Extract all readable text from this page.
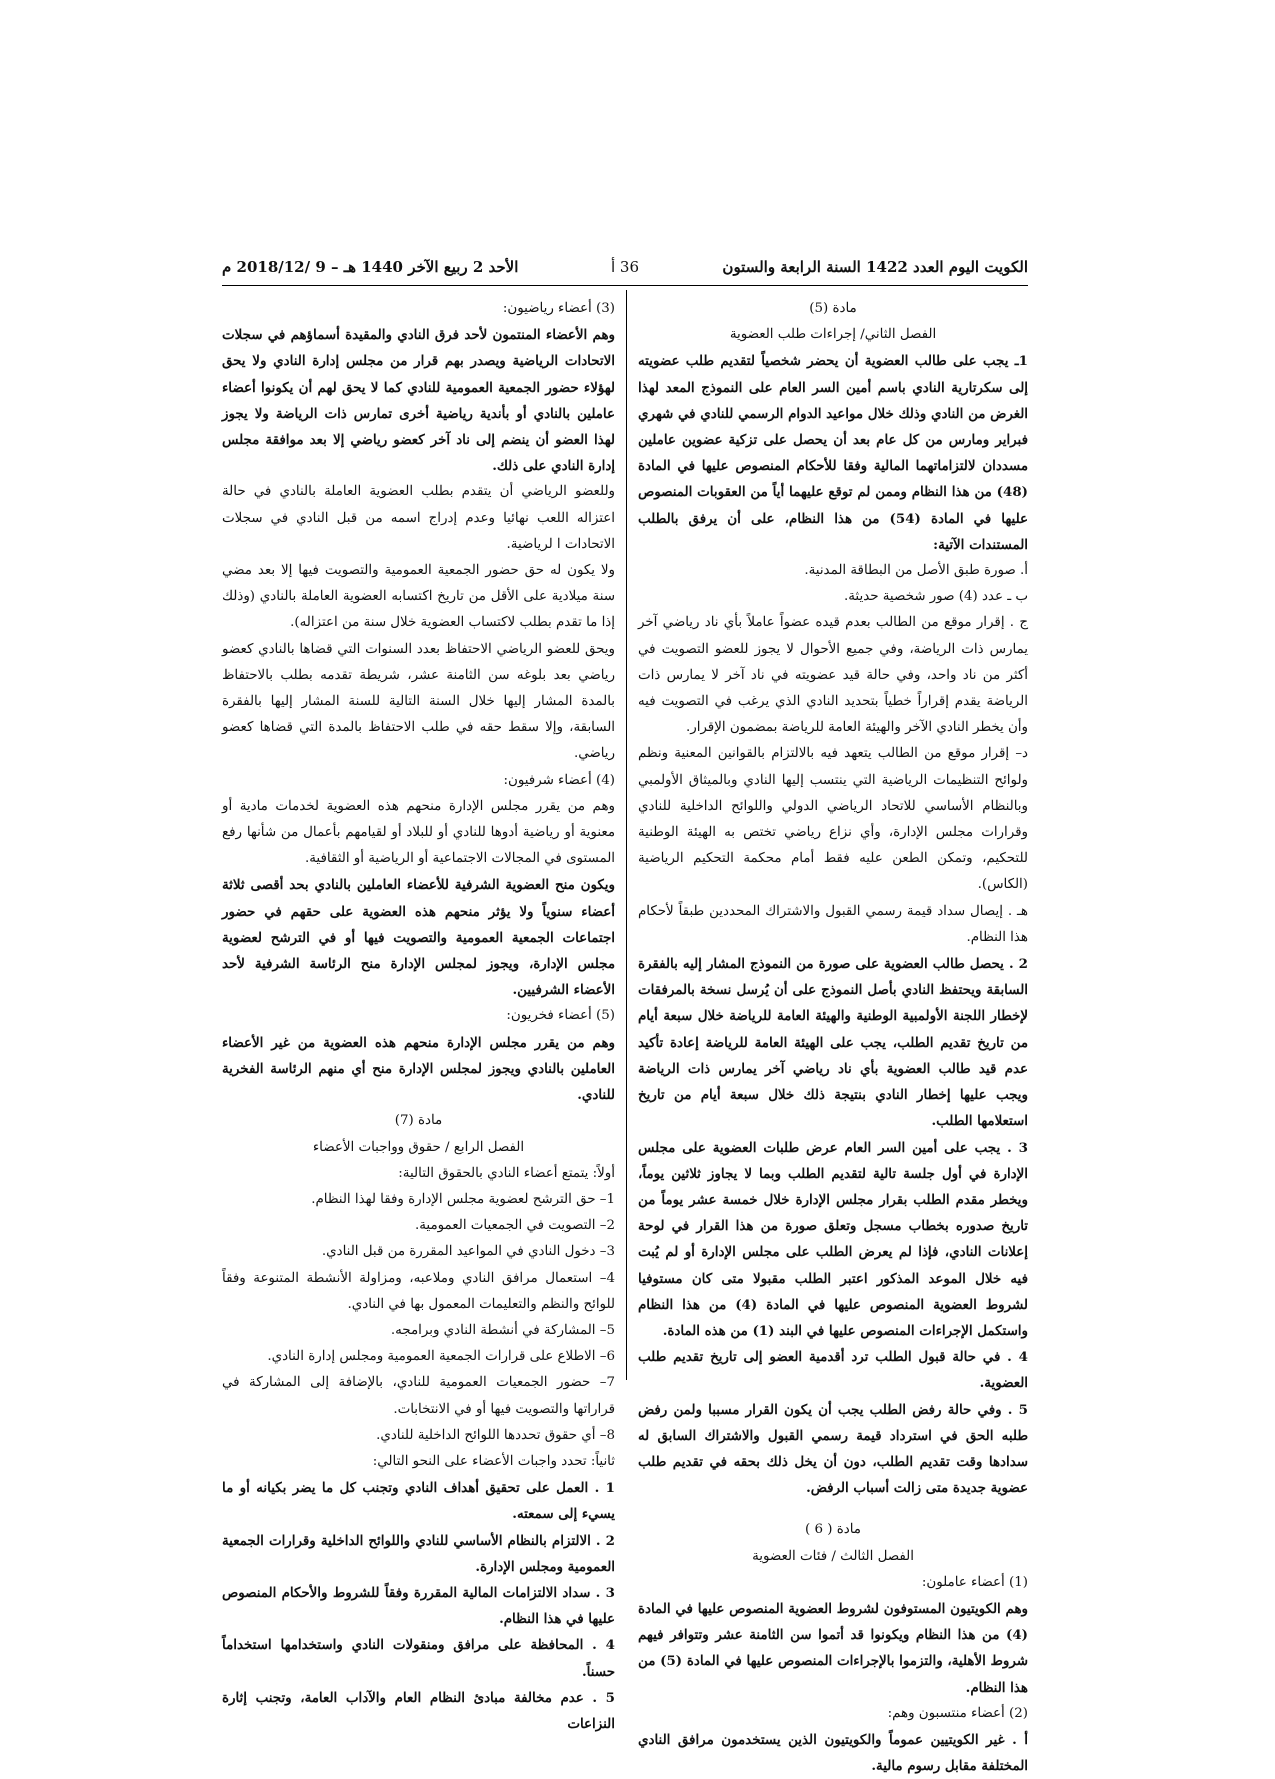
الكويت اليوم العدد 1422 السنة الرابعة والستون
36 أ
الأحد 2 ربيع الآخر 1440 هـ – 9 /2018/12 م

مادة (5)

الفصل الثاني/ إجراءات طلب العضوية

1ـ يجب على طالب العضوية أن يحضر شخصياً لتقديم طلب عضويته إلى سكرتارية النادي باسم أمين السر العام على النموذج المعد لهذا الغرض من النادي وذلك خلال مواعيد الدوام الرسمي للنادي في شهري فبراير ومارس من كل عام بعد أن يحصل على تزكية عضوين عاملين مسددان لالتزاماتهما المالية وفقا للأحكام المنصوص عليها في المادة (48) من هذا النظام وممن لم توقع عليهما أياً من العقوبات المنصوص عليها في المادة (54) من هذا النظام، على أن يرفق بالطلب المستندات الآتية:

أ. صورة طبق الأصل من البطاقة المدنية.

ب ـ عدد (4) صور شخصية حديثة.

ج . إقرار موقع من الطالب بعدم قيده عضواً عاملاً بأي ناد رياضي آخر يمارس ذات الرياضة، وفي جميع الأحوال لا يجوز للعضو التصويت في أكثر من ناد واحد، وفي حالة قيد عضويته في ناد آخر لا يمارس ذات الرياضة يقدم إقراراً خطياً بتحديد النادي الذي يرغب في التصويت فيه وأن يخطر النادي الآخر والهيئة العامة للرياضة بمضمون الإقرار.

د– إقرار موقع من الطالب يتعهد فيه بالالتزام بالقوانين المعنية ونظم ولوائح التنظيمات الرياضية التي ينتسب إليها النادي وبالميثاق الأولمبي وبالنظام الأساسي للاتحاد الرياضي الدولي واللوائح الداخلية للنادي وقرارات مجلس الإدارة، وأي نزاع رياضي تختص به الهيئة الوطنية للتحكيم، وتمكن الطعن عليه فقط أمام محكمة التحكيم الرياضية (الكاس).

هـ . إيصال سداد قيمة رسمي القبول والاشتراك المحددين طبقاً لأحكام هذا النظام.

2 . يحصل طالب العضوية على صورة من النموذج المشار إليه بالفقرة السابقة ويحتفظ النادي بأصل النموذج على أن يُرسل نسخة بالمرفقات لإخطار اللجنة الأولمبية الوطنية والهيئة العامة للرياضة خلال سبعة أيام من تاريخ تقديم الطلب، يجب على الهيئة العامة للرياضة إعادة تأكيد عدم قيد طالب العضوية بأي ناد رياضي آخر يمارس ذات الرياضة ويجب عليها إخطار النادي بنتيجة ذلك خلال سبعة أيام من تاريخ استعلامها الطلب.

3 . يجب على أمين السر العام عرض طلبات العضوية على مجلس الإدارة في أول جلسة تالية لتقديم الطلب وبما لا يجاوز ثلاثين يوماً، ويخطر مقدم الطلب بقرار مجلس الإدارة خلال خمسة عشر يوماً من تاريخ صدوره بخطاب مسجل وتعلق صورة من هذا القرار في لوحة إعلانات النادي، فإذا لم يعرض الطلب على مجلس الإدارة أو لم يُبت فيه خلال الموعد المذكور اعتبر الطلب مقبولا متى كان مستوفيا لشروط العضوية المنصوص عليها في المادة (4) من هذا النظام واستكمل الإجراءات المنصوص عليها في البند (1) من هذه المادة.

4 . في حالة قبول الطلب ترد أقدمية العضو إلى تاريخ تقديم طلب العضوية.

5 . وفي حالة رفض الطلب يجب أن يكون القرار مسببا ولمن رفض طلبه الحق في استرداد قيمة رسمي القبول والاشتراك السابق له سدادها وقت تقديم الطلب، دون أن يخل ذلك بحقه في تقديم طلب عضوية جديدة متى زالت أسباب الرفض.

مادة ( 6 )

الفصل الثالث / فئات العضوية

(1) أعضاء عاملون:

وهم الكويتيون المستوفون لشروط العضوية المنصوص عليها في المادة (4) من هذا النظام ويكونوا قد أتموا سن الثامنة عشر وتتوافر فيهم شروط الأهلية، والتزموا بالإجراءات المنصوص عليها في المادة (5) من هذا النظام.

(2) أعضاء منتسبون وهم:

أ . غير الكويتيين عموماً والكويتيون الذين يستخدمون مرافق النادي المختلفة مقابل رسوم مالية.

(3) أعضاء رياضيون:

وهم الأعضاء المنتمون لأحد فرق النادي والمقيدة أسماؤهم في سجلات الاتحادات الرياضية ويصدر بهم قرار من مجلس إدارة النادي ولا يحق لهؤلاء حضور الجمعية العمومية للنادي كما لا يحق لهم أن يكونوا أعضاء عاملين بالنادي أو بأندية رياضية أخرى تمارس ذات الرياضة ولا يجوز لهذا العضو أن ينضم إلى ناد آخر كعضو رياضي إلا بعد موافقة مجلس إدارة النادي على ذلك.

وللعضو الرياضي أن يتقدم بطلب العضوية العاملة بالنادي في حالة اعتزاله اللعب نهائيا وعدم إدراج اسمه من قبل النادي في سجلات الاتحادات ا لرياضية.

ولا يكون له حق حضور الجمعية العمومية والتصويت فيها إلا بعد مضي سنة ميلادية على الأقل من تاريخ اكتسابه العضوية العاملة بالنادي (وذلك إذا ما تقدم بطلب لاكتساب العضوية خلال سنة من اعتزاله).

ويحق للعضو الرياضي الاحتفاظ بعدد السنوات التي قضاها بالنادي كعضو رياضي بعد بلوغه سن الثامنة عشر، شريطة تقدمه بطلب بالاحتفاظ بالمدة المشار إليها خلال السنة التالية للسنة المشار إليها بالفقرة السابقة، وإلا سقط حقه في طلب الاحتفاظ بالمدة التي قضاها كعضو رياضي.

(4) أعضاء شرفيون:

وهم من يقرر مجلس الإدارة منحهم هذه العضوية لخدمات مادية أو معنوية أو رياضية أدوها للنادي أو للبلاد أو لقيامهم بأعمال من شأنها رفع المستوى في المجالات الاجتماعية أو الرياضية أو الثقافية.

ويكون منح العضوية الشرفية للأعضاء العاملين بالنادي بحد أقصى ثلاثة أعضاء سنوياً ولا يؤثر منحهم هذه العضوية على حقهم في حضور اجتماعات الجمعية العمومية والتصويت فيها أو في الترشح لعضوية مجلس الإدارة، ويجوز لمجلس الإدارة منح الرئاسة الشرفية لأحد الأعضاء الشرفيين.

(5) أعضاء فخريون:

وهم من يقرر مجلس الإدارة منحهم هذه العضوية من غير الأعضاء العاملين بالنادي ويجوز لمجلس الإدارة منح أي منهم الرئاسة الفخرية للنادي.

مادة (7)

الفصل الرابع / حقوق وواجبات الأعضاء

أولاً: يتمتع أعضاء النادي بالحقوق التالية:

1– حق الترشح لعضوية مجلس الإدارة وفقا لهذا النظام.

2– التصويت في الجمعيات العمومية.

3– دخول النادي في المواعيد المقررة من قبل النادي.

4– استعمال مرافق النادي وملاعبه، ومزاولة الأنشطة المتنوعة وفقاً للوائح والنظم والتعليمات المعمول بها في النادي.

5– المشاركة في أنشطة النادي وبرامجه.

6– الاطلاع على قرارات الجمعية العمومية ومجلس إدارة النادي.

7– حضور الجمعيات العمومية للنادي، بالإضافة إلى المشاركة في قراراتها والتصويت فيها أو في الانتخابات.

8– أي حقوق تحددها اللوائح الداخلية للنادي.

ثانياً: تحدد واجبات الأعضاء على النحو التالي:

1 . العمل على تحقيق أهداف النادي وتجنب كل ما يضر بكيانه أو ما يسيء إلى سمعته.

2 . الالتزام بالنظام الأساسي للنادي واللوائح الداخلية وقرارات الجمعية العمومية ومجلس الإدارة.

3 . سداد الالتزامات المالية المقررة وفقاً للشروط والأحكام المنصوص عليها في هذا النظام.

4 . المحافظة على مرافق ومنقولات النادي واستخدامها استخداماً حسناً.

5 . عدم مخالفة مبادئ النظام العام والآداب العامة، وتجنب إثارة النزاعات
